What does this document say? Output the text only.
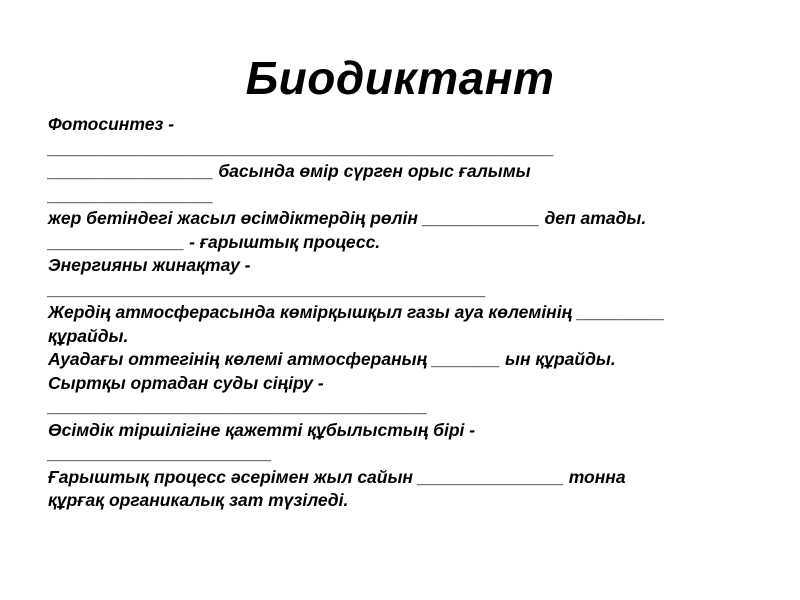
Биодиктант
Фотосинтез -
____________________________________________________
_________________ басында өмір сүрген орыс ғалымы
_________________
жер бетіндегі жасыл өсімдіктердің рөлін ____________ деп атады.
______________ - ғарыштық процесс.
Энергияны жинақтау -
_____________________________________________
Жердің атмосферасында көмірқышқыл газы ауа көлемінің _________
құрайды.
Ауадағы оттегінің көлемі атмосфераның _______ ын құрайды.
Сыртқы ортадан суды сіңіру -
_______________________________________
Өсімдік тіршілігіне қажетті құбылыстың бірі -
_______________________
Ғарыштық процесс әсерімен жыл сайын _______________ тонна
құрғақ органикалық зат түзіледі.
